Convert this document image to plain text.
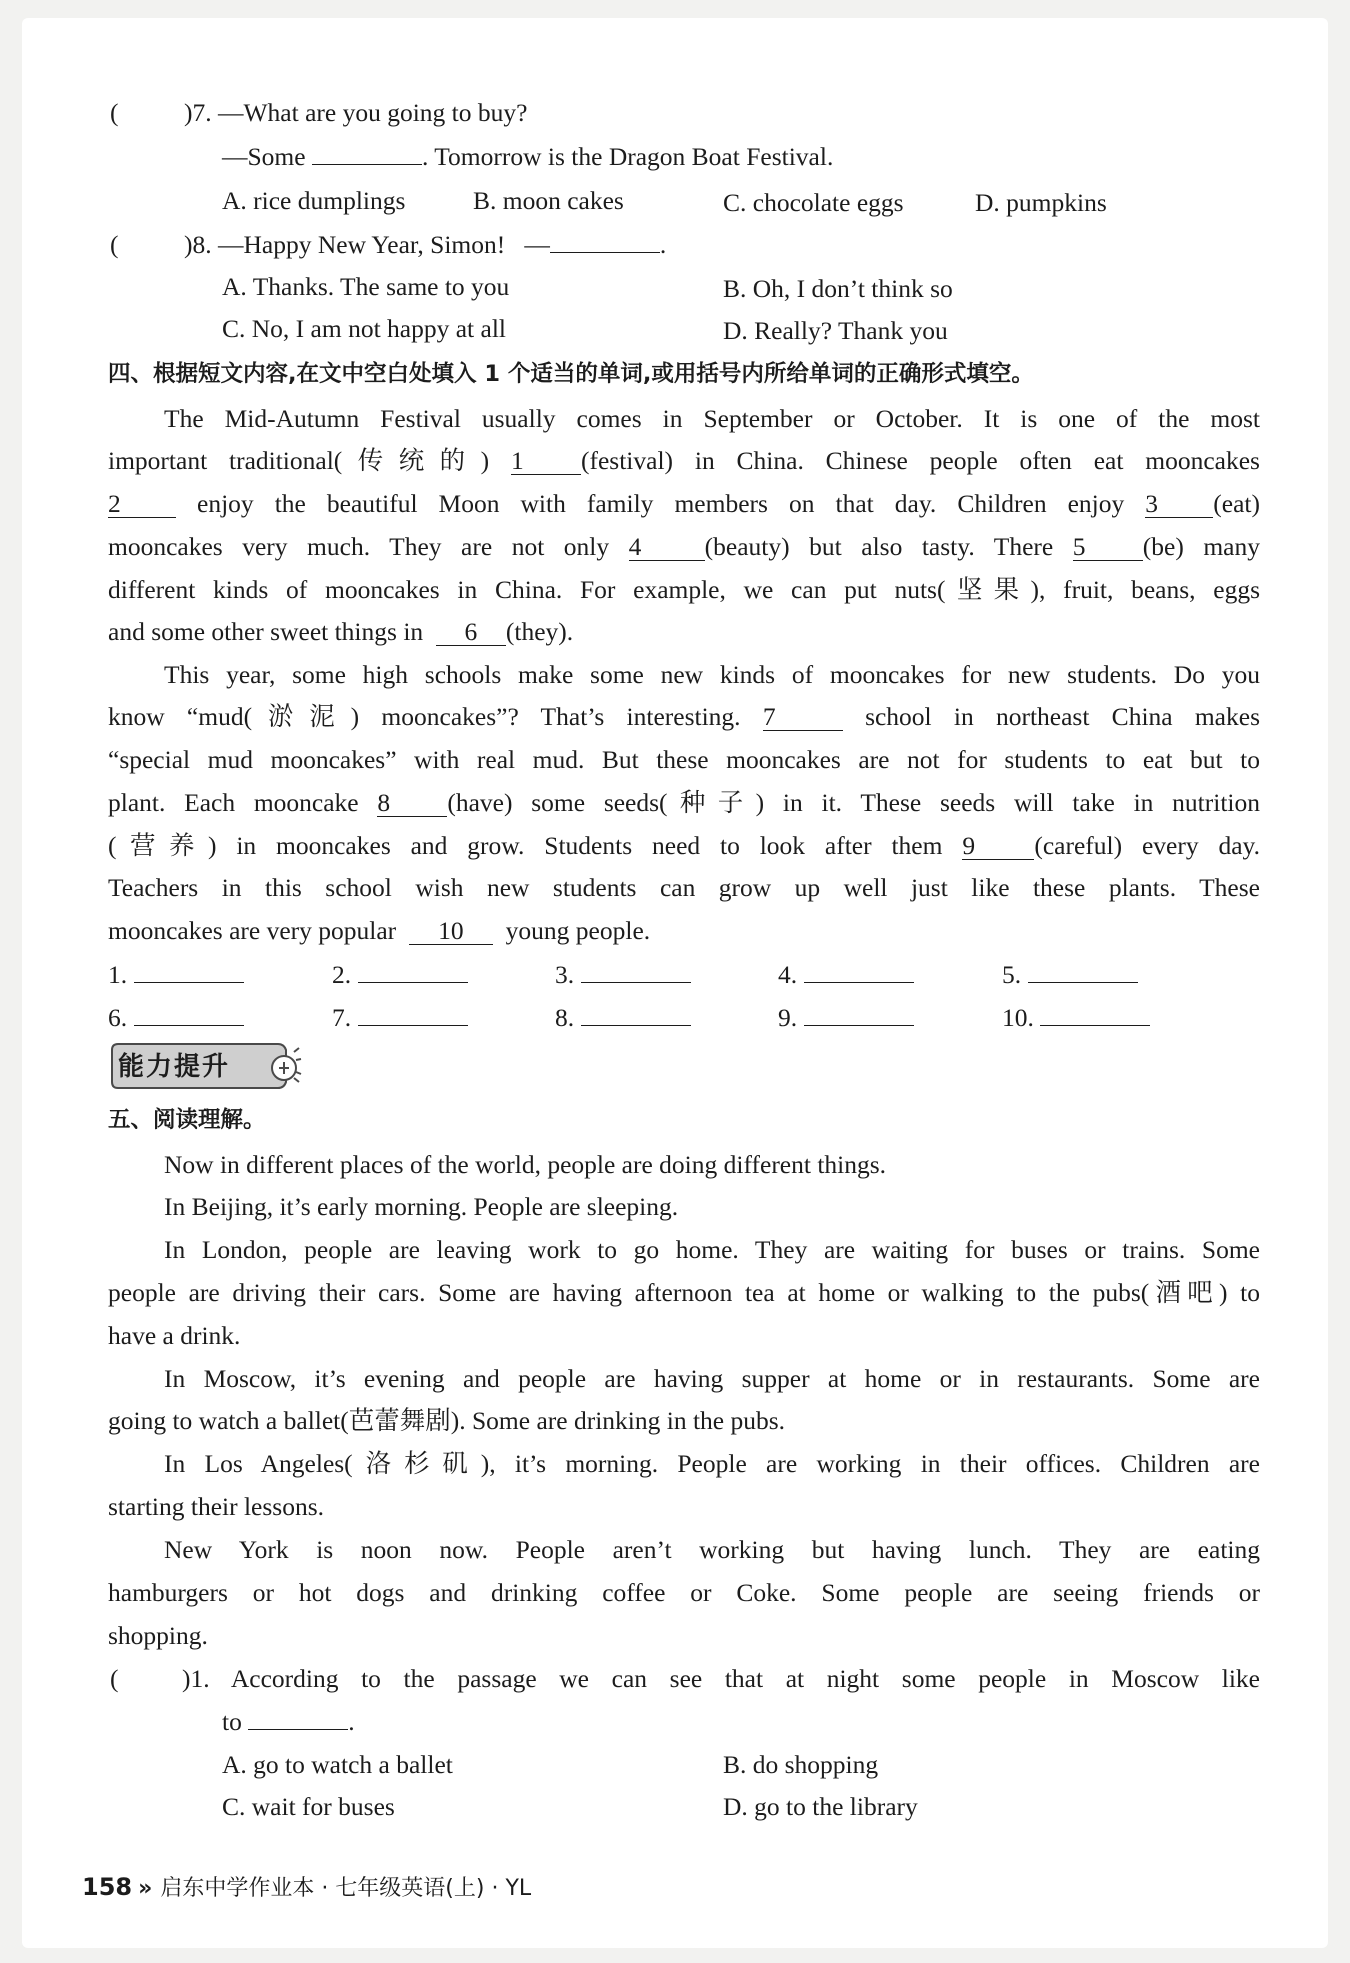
(	)7. —What are you going to buy?
—Some	. Tomorrow is the Dragon Boat Festival.
A. rice dumplings	B. moon cakes	C. chocolate eggs	D. pumpkins
(	)8. —Happy New Year, Simon! —	.
A. Thanks. The same to you	B. Oh, I don’t think so
C. No, I am not happy at all	D. Really? Thank you
四、根据短文内容,在文中空白处填入 1 个适当的单词,或用括号内所给单词的正确形式填空。
The Mid-Autumn Festival usually comes in September or October. It is one of the most
important traditional(传统的) 1 (festival) in China. Chinese people often eat mooncakes
2	enjoy the beautiful Moon with family members on that day. Children enjoy 3 (eat)
mooncakes very much. They are not only 4 (beauty) but also tasty. There 5 (be) many
different kinds of mooncakes in China. For example, we can put nuts(坚果), fruit, beans, eggs
and some other sweet things in 6 (they).
This year, some high schools make some new kinds of mooncakes for new students. Do you
know “mud(淤泥) mooncakes”? That’s interesting. 7	school in northeast China makes
“special mud mooncakes” with real mud. But these mooncakes are not for students to eat but to
plant. Each mooncake 8 (have) some seeds(种子) in it. These seeds will take in nutrition
(营养) in mooncakes and grow. Students need to look after them 9 (careful) every day.
Teachers in this school wish new students can grow up well just like these plants. These
mooncakes are very popular 10 young people.
1.	2.	3.	4.	5.
6.	7.	8.	9.	10.
能力提升
五、阅读理解。
Now in different places of the world, people are doing different things.
In Beijing, it’s early morning. People are sleeping.
In London, people are leaving work to go home. They are waiting for buses or trains. Some
people are driving their cars. Some are having afternoon tea at home or walking to the pubs(酒吧) to
have a drink.
In Moscow, it’s evening and people are having supper at home or in restaurants. Some are
going to watch a ballet(芭蕾舞剧). Some are drinking in the pubs.
In Los Angeles(洛杉矶), it’s morning. People are working in their offices. Children are
starting their lessons.
New York is noon now. People aren’t working but having lunch. They are eating
hamburgers or hot dogs and drinking coffee or Coke. Some people are seeing friends or
shopping.
( )1. According to the passage we can see that at night some people in Moscow like
to	.
A. go to watch a ballet	B. do shopping
C. wait for buses	D. go to the library
158 » 启东中学作业本 · 七年级英语(上) · YL
